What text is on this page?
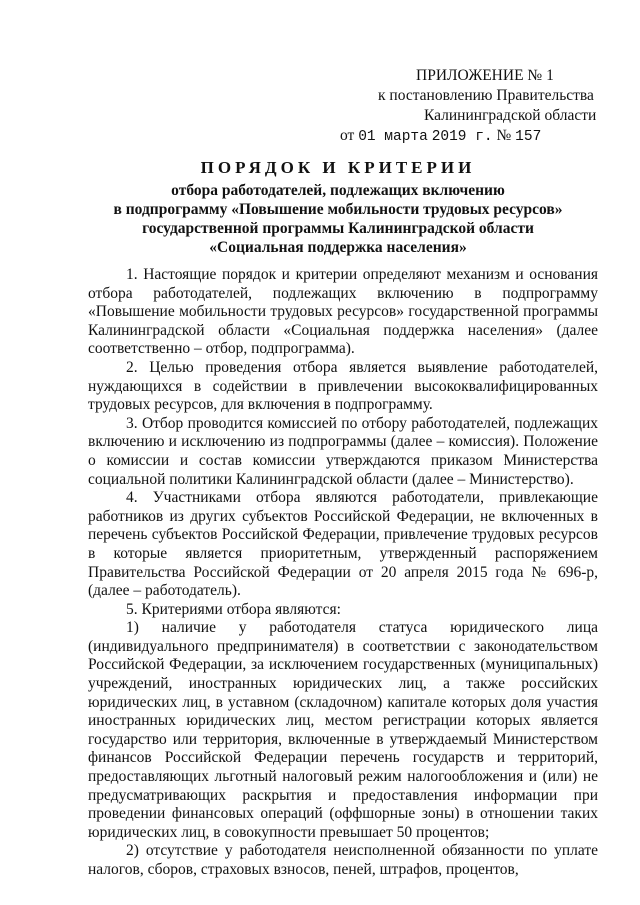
ПРИЛОЖЕНИЕ № 1
к постановлению Правительства
Калининградской области
от 01 марта 2019 г. № 157
ПОРЯДОК И КРИТЕРИИ
отбора работодателей, подлежащих включению
в подпрограмму «Повышение мобильности трудовых ресурсов»
государственной программы Калининградской области
«Социальная поддержка населения»

1. Настоящие порядок и критерии определяют механизм и основания отбора работодателей, подлежащих включению в подпрограмму «Повышение мобильности трудовых ресурсов» государственной программы Калининградской области «Социальная поддержка населения» (далее соответственно – отбор, подпрограмма).

2. Целью проведения отбора является выявление работодателей, нуждающихся в содействии в привлечении высококвалифицированных трудовых ресурсов, для включения в подпрограмму.

3. Отбор проводится комиссией по отбору работодателей, подлежащих включению и исключению из подпрограммы (далее – комиссия). Положение о комиссии и состав комиссии утверждаются приказом Министерства социальной политики Калининградской области (далее – Министерство).

4. Участниками отбора являются работодатели, привлекающие работников из других субъектов Российской Федерации, не включенных в перечень субъектов Российской Федерации, привлечение трудовых ресурсов в которые является приоритетным, утвержденный распоряжением Правительства Российской Федерации от 20 апреля 2015 года № 696-р, (далее – работодатель).

5. Критериями отбора являются:

1) наличие у работодателя статуса юридического лица (индивидуального предпринимателя) в соответствии с законодательством Российской Федерации, за исключением государственных (муниципальных) учреждений, иностранных юридических лиц, а также российских юридических лиц, в уставном (складочном) капитале которых доля участия иностранных юридических лиц, местом регистрации которых является государство или территория, включенные в утверждаемый Министерством финансов Российской Федерации перечень государств и территорий, предоставляющих льготный налоговый режим налогообложения и (или) не предусматривающих раскрытия и предоставления информации при проведении финансовых операций (оффшорные зоны) в отношении таких юридических лиц, в совокупности превышает 50 процентов;

2) отсутствие у работодателя неисполненной обязанности по уплате налогов, сборов, страховых взносов, пеней, штрафов, процентов,
